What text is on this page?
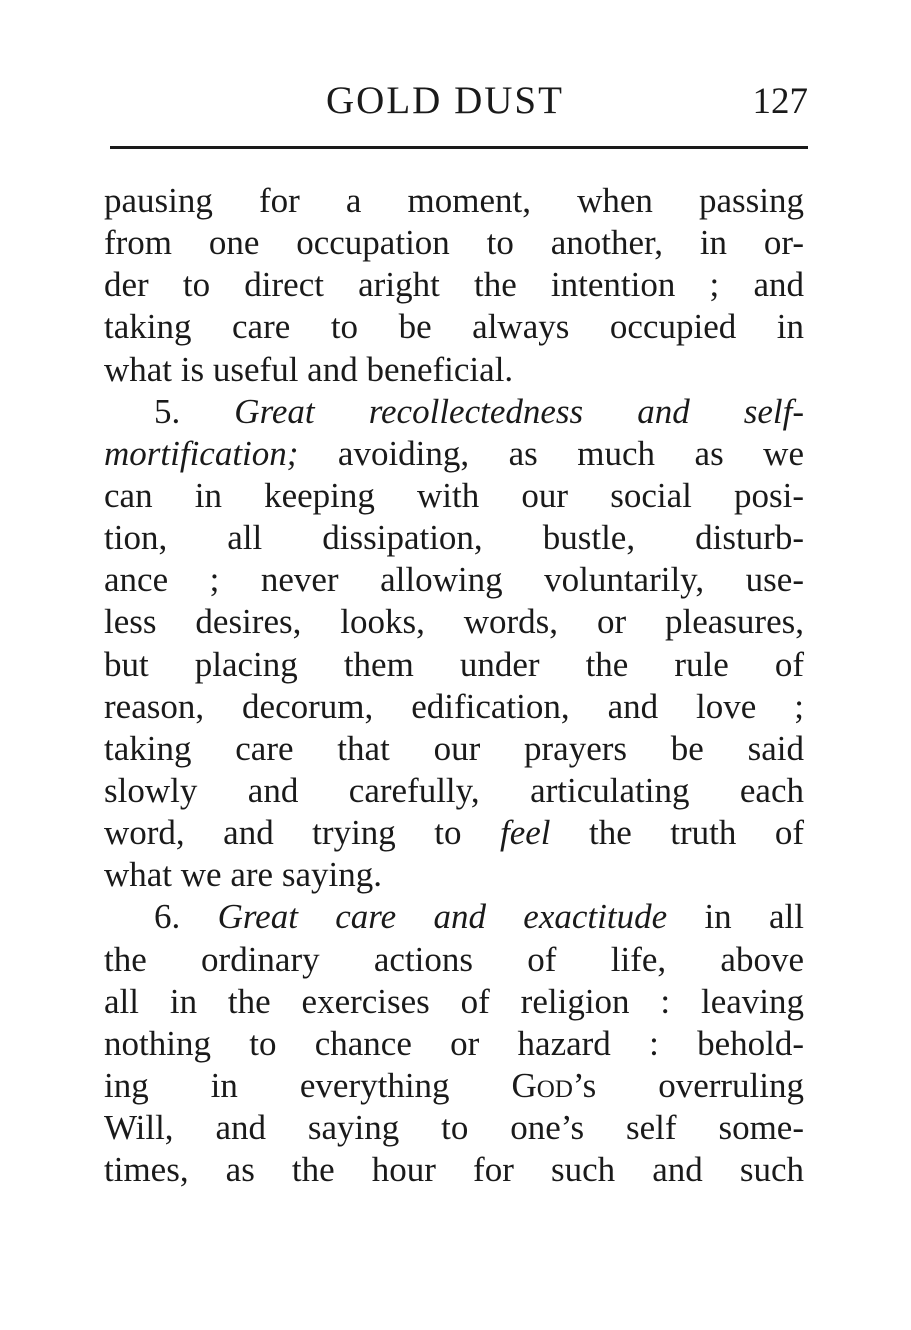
GOLD DUST	127
pausing for a moment, when passing
from one occupation to another, in or-
der to direct aright the intention ; and
taking care to be always occupied in
what is useful and beneficial.
5. Great recollectedness and self-
mortification; avoiding, as much as we
can in keeping with our social posi-
tion, all dissipation, bustle, disturb-
ance ; never allowing voluntarily, use-
less desires, looks, words, or pleasures,
but placing them under the rule of
reason, decorum, edification, and love ;
taking care that our prayers be said
slowly and carefully, articulating each
word, and trying to feel the truth of
what we are saying.
6. Great care and exactitude in all
the ordinary actions of life, above
all in the exercises of religion : leaving
nothing to chance or hazard : behold-
ing in everything God’s overruling
Will, and saying to one’s self some-
times, as the hour for such and such
